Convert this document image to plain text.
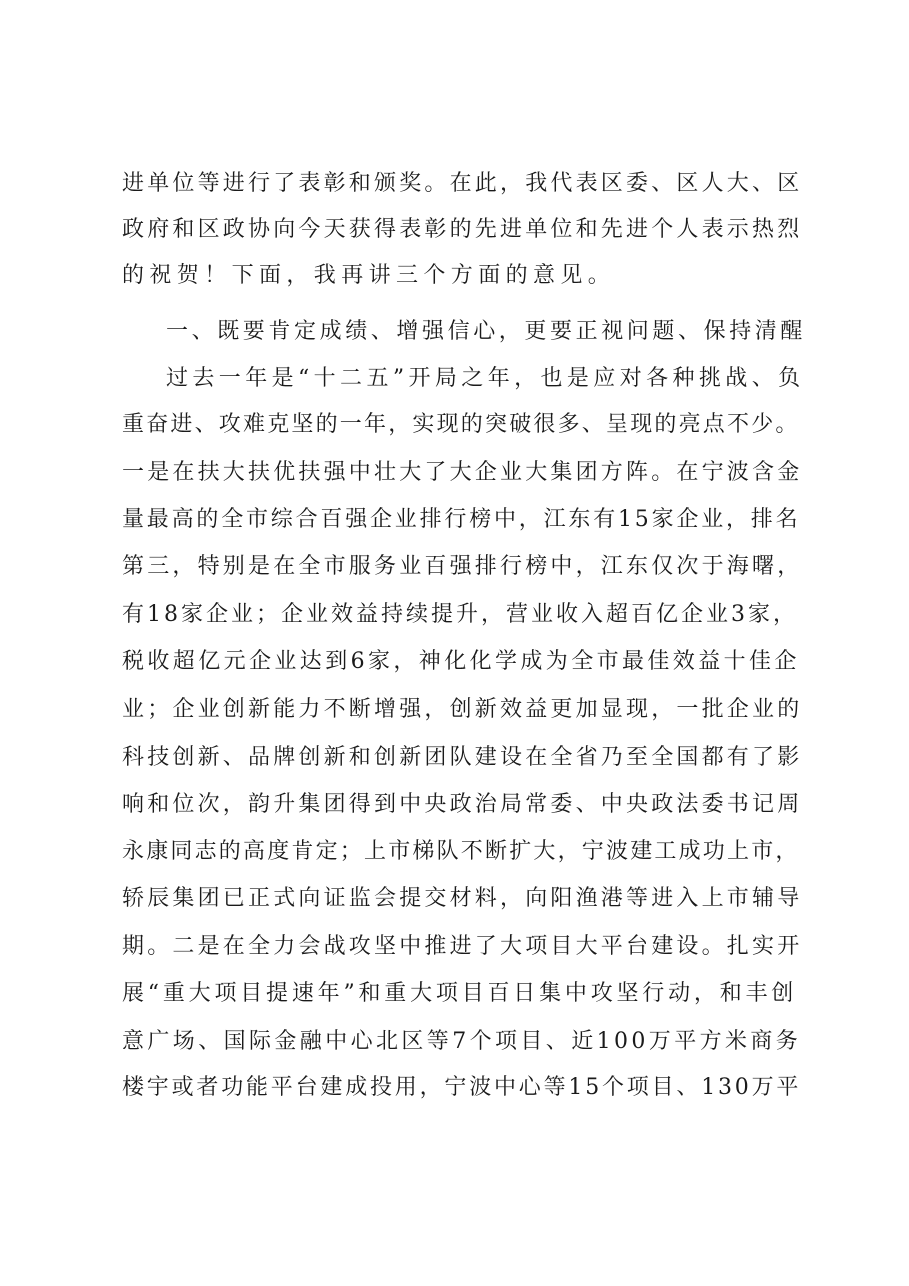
进单位等进行了表彰和颁奖。在此，我代表区委、区人大、区
政府和区政协向今天获得表彰的先进单位和先进个人表示热烈
的祝贺！下面，我再讲三个方面的意见。
一、既要肯定成绩、增强信心，更要正视问题、保持清醒
过去一年是“十二五”开局之年，也是应对各种挑战、负
重奋进、攻难克坚的一年，实现的突破很多、呈现的亮点不少。
一是在扶大扶优扶强中壮大了大企业大集团方阵。在宁波含金
量最高的全市综合百强企业排行榜中，江东有15家企业，排名
第三，特别是在全市服务业百强排行榜中，江东仅次于海曙，
有18家企业；企业效益持续提升，营业收入超百亿企业3家，
税收超亿元企业达到6家，神化化学成为全市最佳效益十佳企
业；企业创新能力不断增强，创新效益更加显现，一批企业的
科技创新、品牌创新和创新团队建设在全省乃至全国都有了影
响和位次，韵升集团得到中央政治局常委、中央政法委书记周
永康同志的高度肯定；上市梯队不断扩大，宁波建工成功上市，
轿辰集团已正式向证监会提交材料，向阳渔港等进入上市辅导
期。二是在全力会战攻坚中推进了大项目大平台建设。扎实开
展“重大项目提速年”和重大项目百日集中攻坚行动，和丰创
意广场、国际金融中心北区等7个项目、近100万平方米商务
楼宇或者功能平台建成投用，宁波中心等15个项目、130万平
